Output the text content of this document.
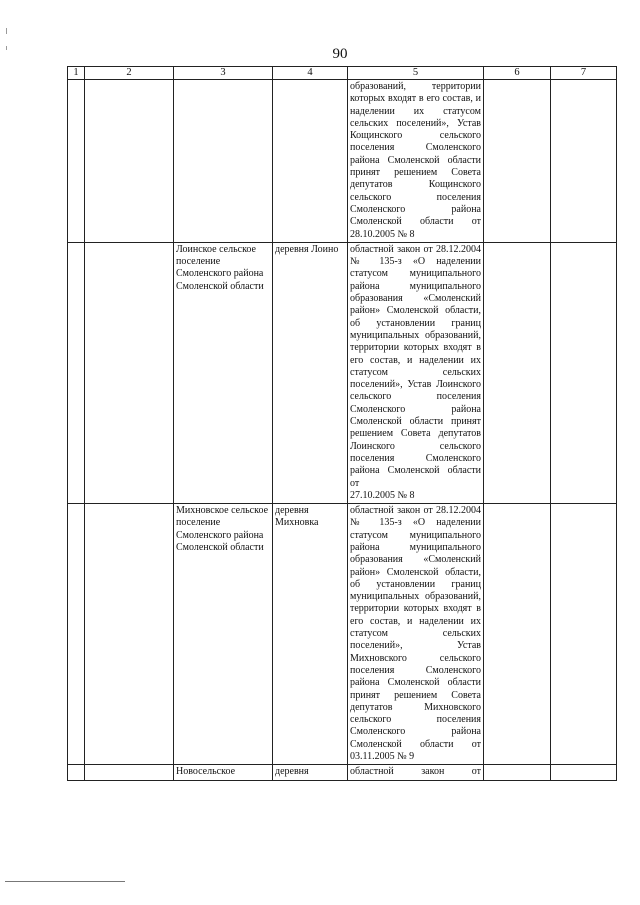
90
1	2	3	4	5	6	7
				образований, территории которых входят в его состав, и наделении их статусом сельских поселений», Устав Кощинского сельского поселения Смоленского района Смоленской области принят решением Совета депутатов Кощинского сельского поселения Смоленского района Смоленской области от
28.10.2005 № 8		

		Лоинское сельское поселение Смоленского района Смоленской области	деревня Лоино	областной закон от 28.12.2004 № 135-з «О наделении статусом муниципального района муниципального образования «Смоленский район» Смоленской области, об установлении границ муниципальных образований, территории которых входят в его состав, и наделении их статусом сельских поселений», Устав Лоинского сельского поселения Смоленского района Смоленской области принят решением Совета депутатов Лоинского сельского поселения Смоленского района Смоленской области от
27.10.2005 № 8		

		Михновское сельское поселение Смоленского района Смоленской области	деревня Михновка	областной закон от 28.12.2004 № 135-з «О наделении статусом муниципального района муниципального образования «Смоленский район» Смоленской области, об установлении границ муниципальных образований, территории которых входят в его состав, и наделении их статусом сельских поселений», Устав Михновского сельского поселения Смоленского района Смоленской области принят решением Совета депутатов Михновского сельского поселения Смоленского района Смоленской области от
03.11.2005 № 9		

		Новосельское	деревня	областной закон от
